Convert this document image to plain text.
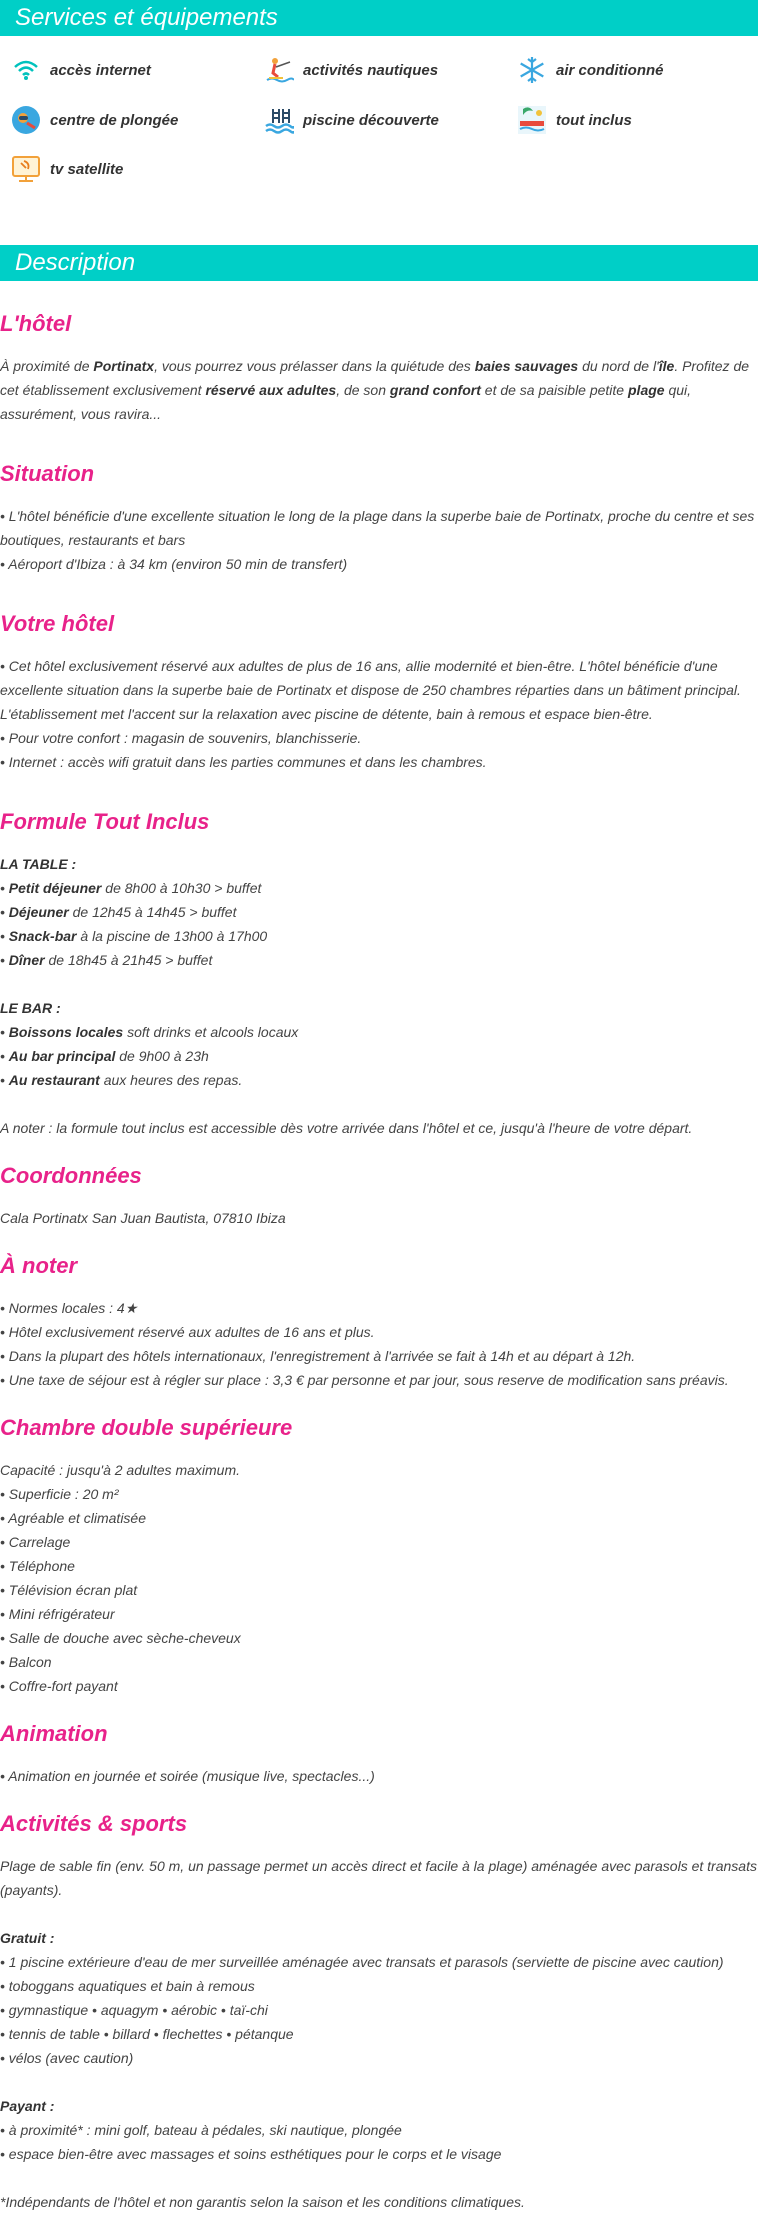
Services et équipements
accès internet	activités nautiques	air conditionné
centre de plongée	piscine découverte	tout inclus
tv satellite
Description
L'hôtel

À proximité de Portinatx, vous pourrez vous prélasser dans la quiétude des baies sauvages du nord de l'île. Profitez de cet établissement exclusivement réservé aux adultes, de son grand confort et de sa paisible petite plage qui, assurément, vous ravira...

Situation

• L'hôtel bénéficie d'une excellente situation le long de la plage dans la superbe baie de Portinatx, proche du centre et ses boutiques, restaurants et bars

• Aéroport d'Ibiza : à 34 km (environ 50 min de transfert)

Votre hôtel

• Cet hôtel exclusivement réservé aux adultes de plus de 16 ans, allie modernité et bien-être. L'hôtel bénéficie d'une excellente situation dans la superbe baie de Portinatx et dispose de 250 chambres réparties dans un bâtiment principal. L'établissement met l'accent sur la relaxation avec piscine de détente, bain à remous et espace bien-être.

• Pour votre confort : magasin de souvenirs, blanchisserie.

• Internet : accès wifi gratuit dans les parties communes et dans les chambres.

Formule Tout Inclus

LA TABLE :

• Petit déjeuner de 8h00 à 10h30 > buffet

• Déjeuner de 12h45 à 14h45 > buffet

• Snack-bar à la piscine de 13h00 à 17h00

• Dîner de 18h45 à 21h45 > buffet

LE BAR :

• Boissons locales soft drinks et alcools locaux

• Au bar principal de 9h00 à 23h

• Au restaurant aux heures des repas.

A noter : la formule tout inclus est accessible dès votre arrivée dans l'hôtel et ce, jusqu'à l'heure de votre départ.

Coordonnées

Cala Portinatx San Juan Bautista, 07810 Ibiza

À noter

• Normes locales : 4★

• Hôtel exclusivement réservé aux adultes de 16 ans et plus.

• Dans la plupart des hôtels internationaux, l'enregistrement à l'arrivée se fait à 14h et au départ à 12h.

• Une taxe de séjour est à régler sur place : 3,3 € par personne et par jour, sous reserve de modification sans préavis.

Chambre double supérieure

Capacité : jusqu'à 2 adultes maximum.

• Superficie : 20 m²

• Agréable et climatisée

• Carrelage

• Téléphone

• Télévision écran plat

• Mini réfrigérateur

• Salle de douche avec sèche-cheveux

• Balcon

• Coffre-fort payant

Animation

• Animation en journée et soirée (musique live, spectacles...)

Activités & sports

Plage de sable fin (env. 50 m, un passage permet un accès direct et facile à la plage) aménagée avec parasols et transats (payants).

Gratuit :

• 1 piscine extérieure d'eau de mer surveillée aménagée avec transats et parasols (serviette de piscine avec caution)

• toboggans aquatiques et bain à remous

• gymnastique • aquagym • aérobic • taï-chi

• tennis de table • billard • flechettes • pétanque

• vélos (avec caution)

Payant :

• à proximité* : mini golf, bateau à pédales, ski nautique, plongée

• espace bien-être avec massages et soins esthétiques pour le corps et le visage

*Indépendants de l'hôtel et non garantis selon la saison et les conditions climatiques.
